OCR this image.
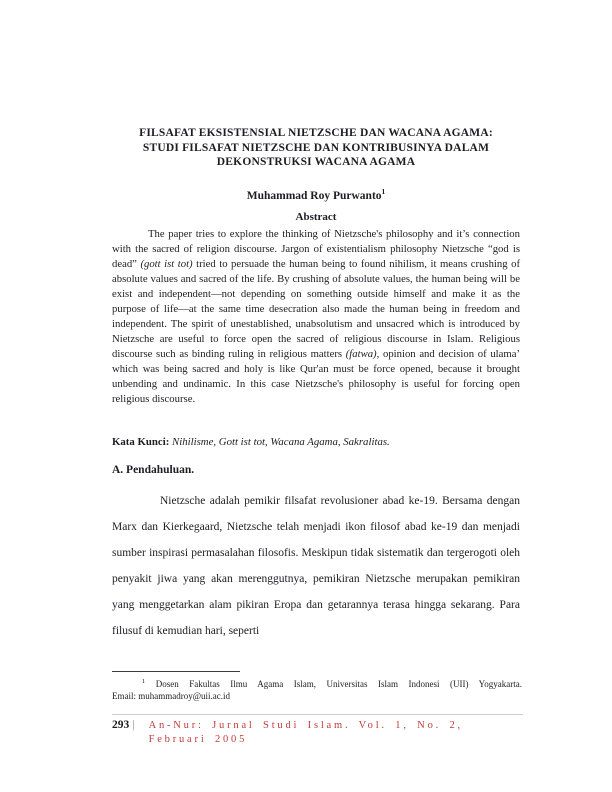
FILSAFAT EKSISTENSIAL NIETZSCHE DAN WACANA AGAMA:
STUDI FILSAFAT NIETZSCHE DAN KONTRIBUSINYA DALAM
DEKONSTRUKSI WACANA AGAMA
Muhammad Roy Purwanto$^1$
Abstract
The paper tries to explore the thinking of Nietzsche's philosophy and it’s connection with the sacred of religion discourse. Jargon of existentialism philosophy Nietzsche “god is dead” (gott ist tot) tried to persuade the human being to found nihilism, it means crushing of absolute values and sacred of the life. By crushing of absolute values, the human being will be exist and independent—not depending on something outside himself and make it as the purpose of life—at the same time desecration also made the human being in freedom and independent. The spirit of unestablished, unabsolutism and unsacred which is introduced by Nietzsche are useful to force open the sacred of religious discourse in Islam. Religious discourse such as binding ruling in religious matters (fatwa), opinion and decision of ulama’ which was being sacred and holy is like Qur'an must be force opened, because it brought unbending and undinamic. In this case Nietzsche's philosophy is useful for forcing open religious discourse.
Kata Kunci: Nihilisme, Gott ist tot, Wacana Agama, Sakralitas.
A. Pendahuluan.
Nietzsche adalah pemikir filsafat revolusioner abad ke-19. Bersama dengan Marx dan Kierkegaard, Nietzsche telah menjadi ikon filosof abad ke-19 dan menjadi sumber inspirasi permasalahan filosofis. Meskipun tidak sistematik dan tergerogoti oleh penyakit jiwa yang akan merenggutnya, pemikiran Nietzsche merupakan pemikiran yang menggetarkan alam pikiran Eropa dan getarannya terasa hingga sekarang. Para filusuf di kemudian hari, seperti
$^1$ Dosen Fakultas Ilmu Agama Islam, Universitas Islam Indonesi (UII) Yogyakarta.
Email: muhammadroy@uii.ac.id
293 | An-Nur: Jurnal Studi Islam. Vol. 1, No. 2,
Februari 2005
